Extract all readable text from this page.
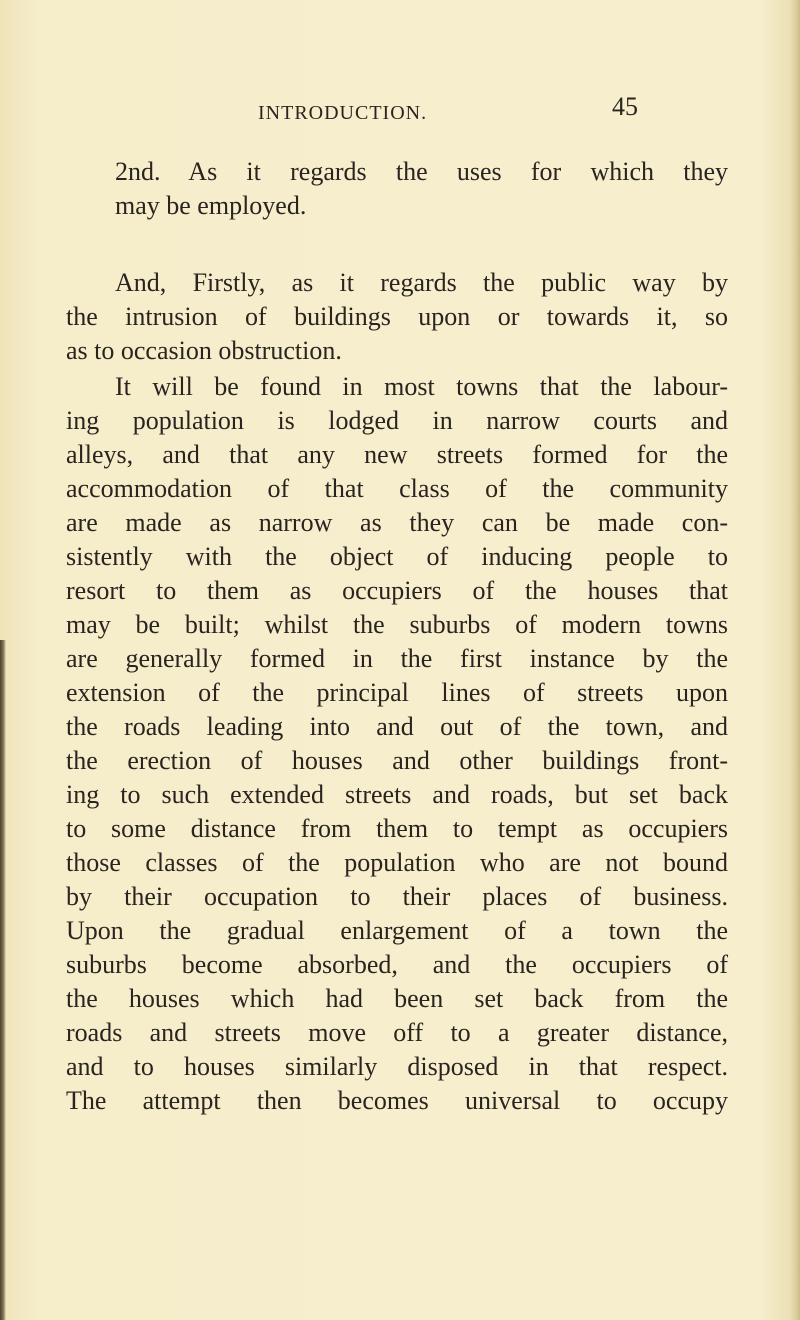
INTRODUCTION.	45
2nd. As it regards the uses for which they
may be employed.
And, Firstly, as it regards the public way by
the intrusion of buildings upon or towards it, so
as to occasion obstruction.
It will be found in most towns that the labour-
ing population is lodged in narrow courts and
alleys, and that any new streets formed for the
accommodation of that class of the community
are made as narrow as they can be made con-
sistently with the object of inducing people to
resort to them as occupiers of the houses that
may be built; whilst the suburbs of modern towns
are generally formed in the first instance by the
extension of the principal lines of streets upon
the roads leading into and out of the town, and
the erection of houses and other buildings front-
ing to such extended streets and roads, but set back
to some distance from them to tempt as occupiers
those classes of the population who are not bound
by their occupation to their places of business.
Upon the gradual enlargement of a town the
suburbs become absorbed, and the occupiers of
the houses which had been set back from the
roads and streets move off to a greater distance,
and to houses similarly disposed in that respect.
The attempt then becomes universal to occupy
